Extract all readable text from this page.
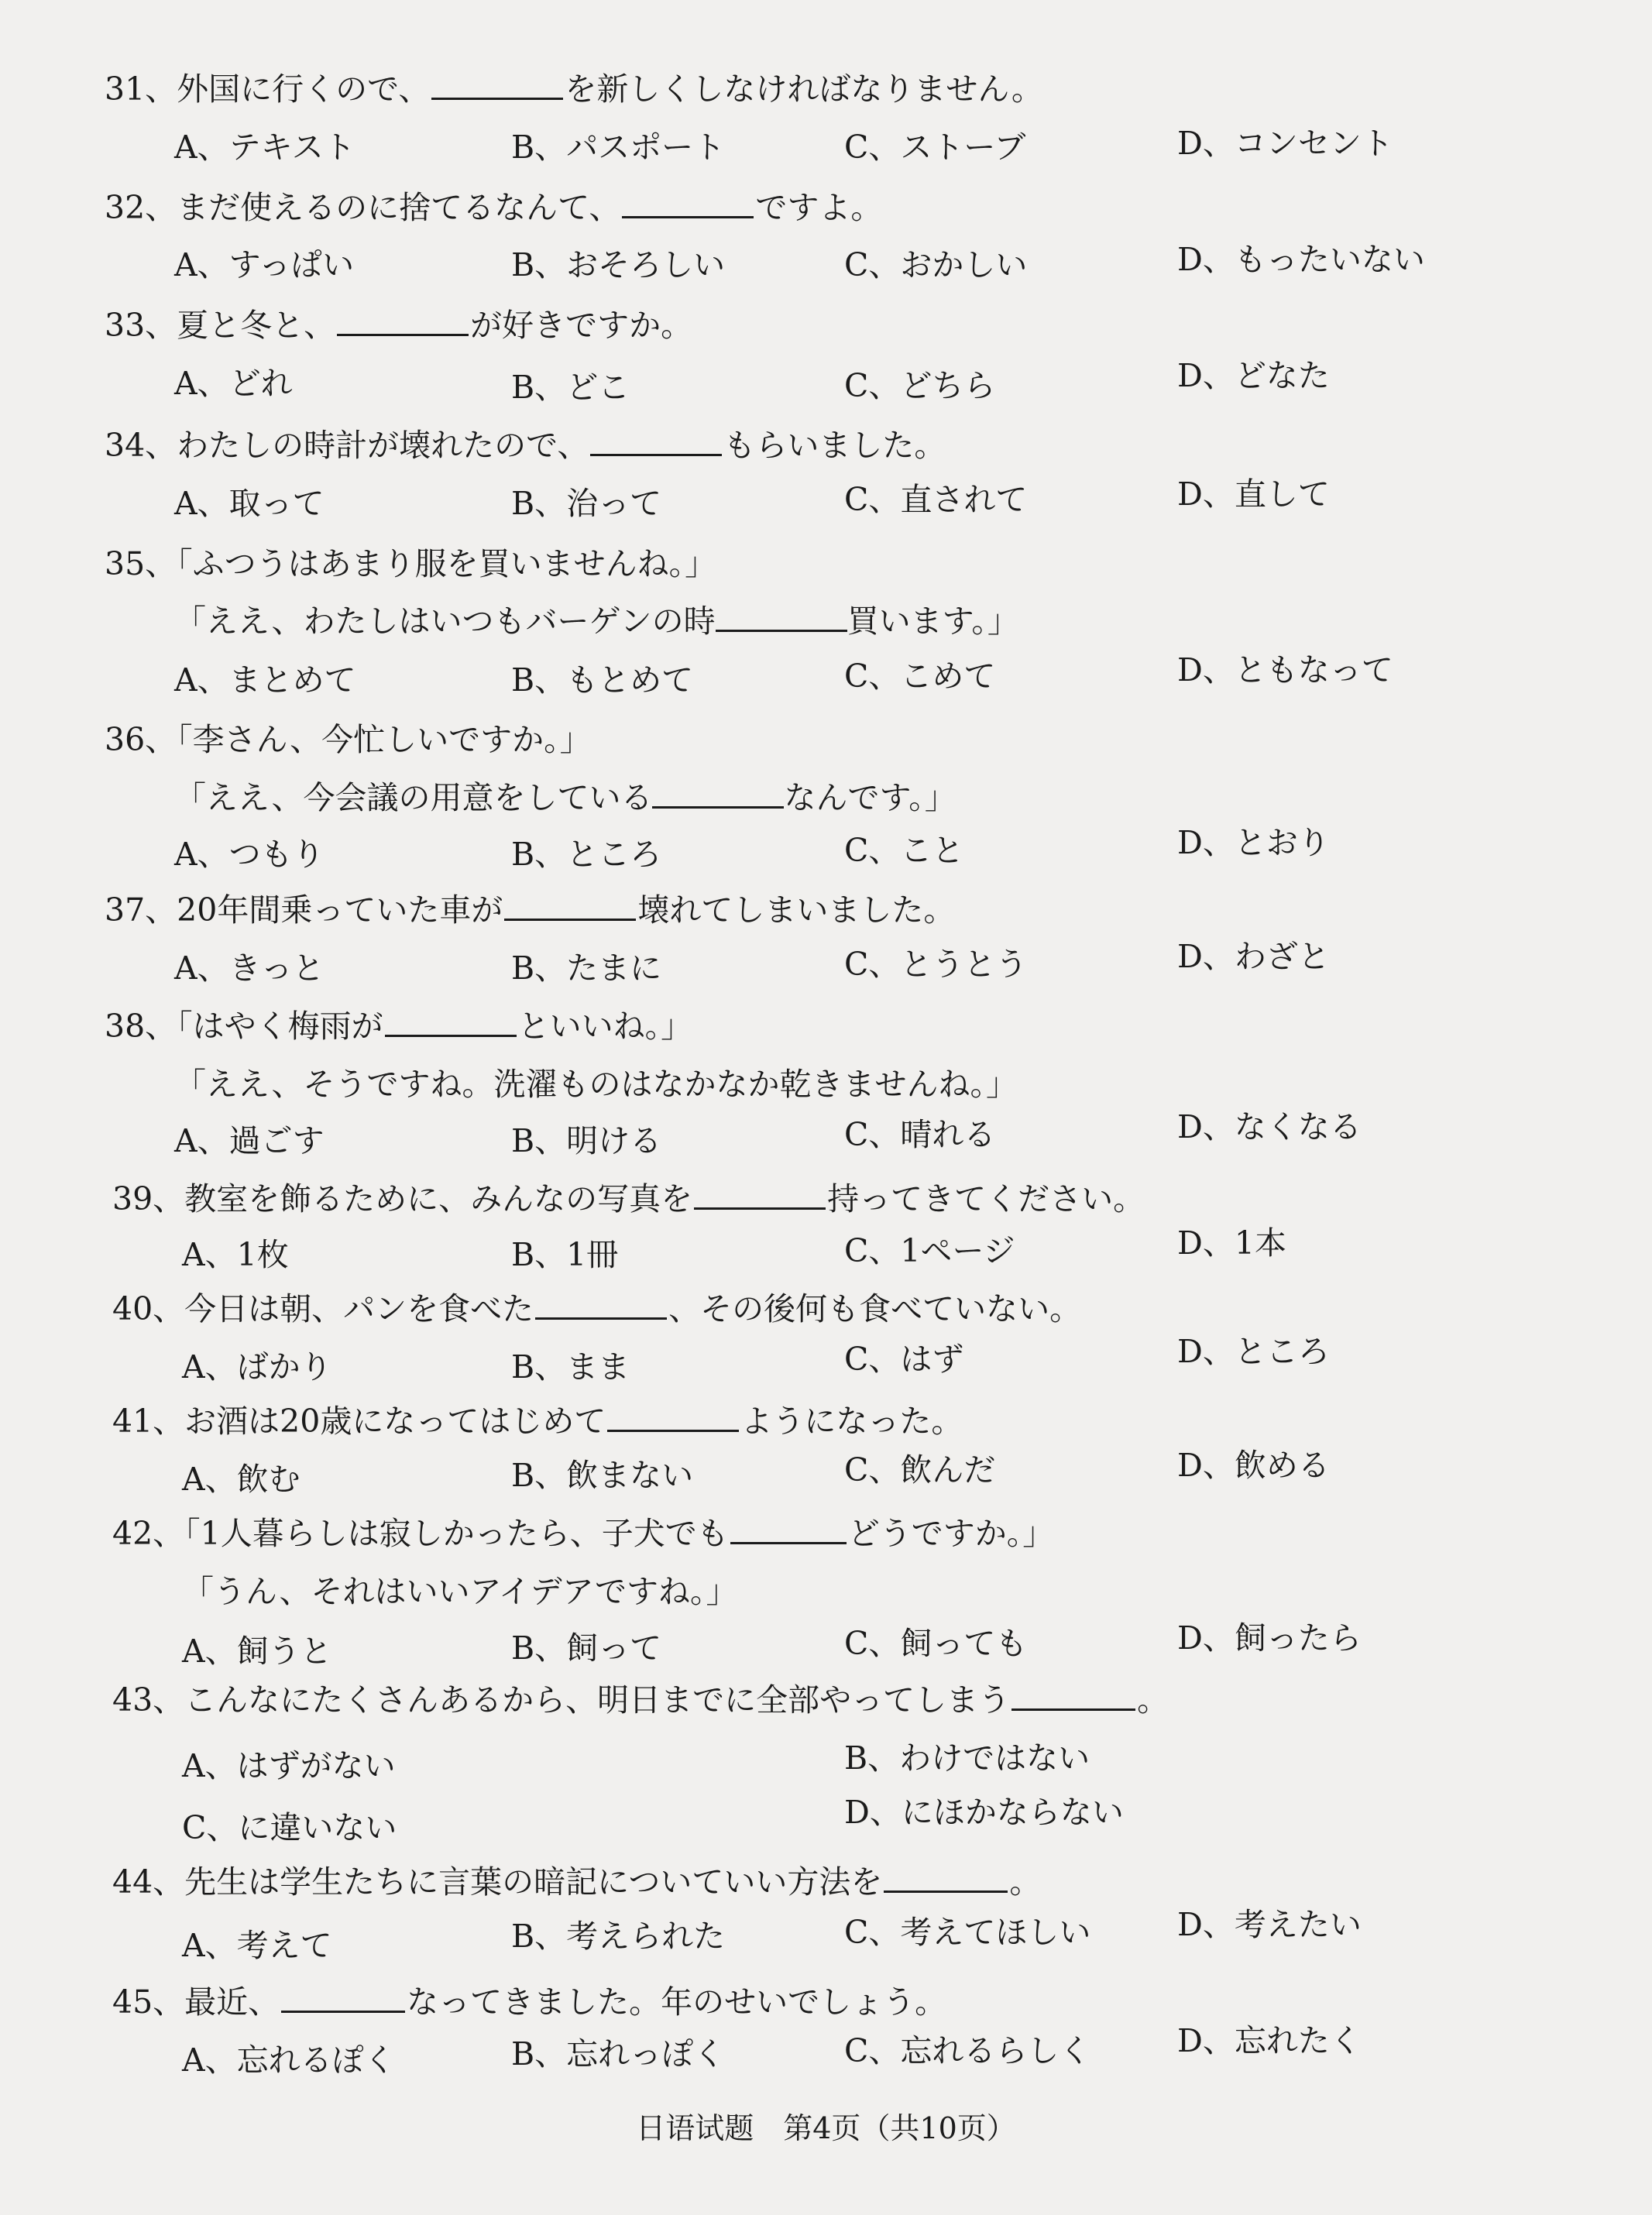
31、外国に行くので、	を新しくしなければなりません。
A、テキスト	B、パスポート	C、ストーブ	D、コンセント
32、まだ使えるのに捨てるなんて、	ですよ。
A、すっぱい	B、おそろしい	C、おかしい	D、もったいない
33、夏と冬と、	が好きですか。
A、どれ	B、どこ	C、どちら	D、どなた
34、わたしの時計が壊れたので、	もらいました。
A、取って	B、治って	C、直されて	D、直して
35、「ふつうはあまり服を買いませんね。」
「ええ、わたしはいつもバーゲンの時	買います。」
A、まとめて	B、もとめて	C、こめて	D、ともなって
36、「李さん、今忙しいですか。」
「ええ、今会議の用意をしている	なんです。」
A、つもり	B、ところ	C、こと	D、とおり
37、20年間乗っていた車が	壊れてしまいました。
A、きっと	B、たまに	C、とうとう	D、わざと
38、「はやく梅雨が	といいね。」
「ええ、そうですね。洗濯ものはなかなか乾きませんね。」
A、過ごす	B、明ける	C、晴れる	D、なくなる
39、教室を飾るために、みんなの写真を	持ってきてください。
A、1枚	B、1冊	C、1ページ	D、1本
40、今日は朝、パンを食べた	、その後何も食べていない。
A、ばかり	B、まま	C、はず	D、ところ
41、お酒は20歳になってはじめて	ようになった。
A、飲む	B、飲まない	C、飲んだ	D、飲める
42、「1人暮らしは寂しかったら、子犬でも	どうですか。」
「うん、それはいいアイデアですね。」
A、飼うと	B、飼って	C、飼っても	D、飼ったら
43、こんなにたくさんあるから、明日までに全部やってしまう	。
A、はずがない	B、わけではない
C、に違いない	D、にほかならない
44、先生は学生たちに言葉の暗記についていい方法を	。
A、考えて	B、考えられた	C、考えてほしい	D、考えたい
45、最近、	なってきました。年のせいでしょう。
A、忘れるぽく	B、忘れっぽく	C、忘れるらしく	D、忘れたく
日语试题　第4页（共10页）
